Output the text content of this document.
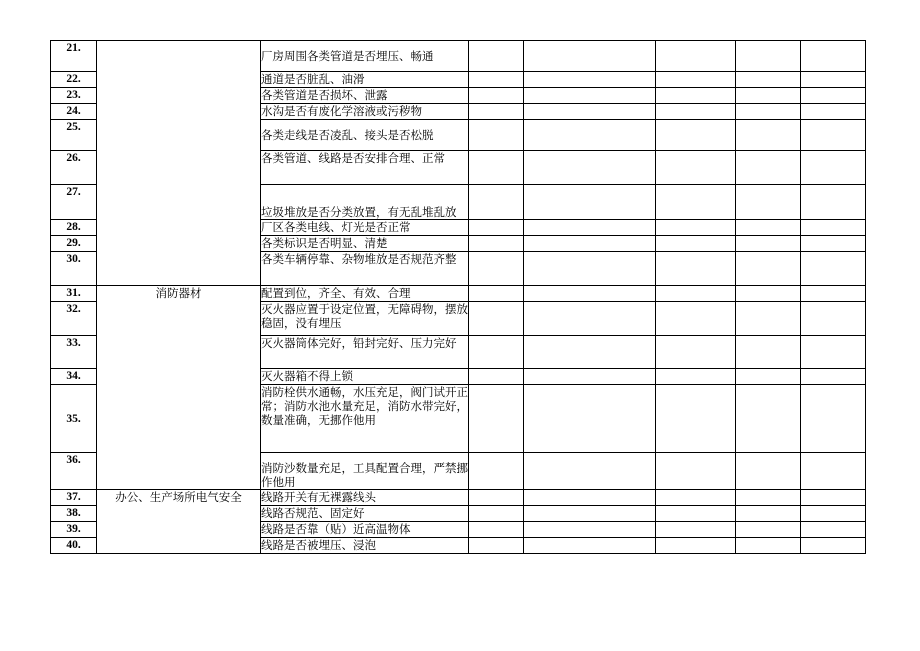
21.		厂房周围各类管道是否埋压、畅通					
22.		通道是否脏乱、油滑					
23.		各类管道是否损坏、泄露					
24.		水沟是否有废化学溶液或污秽物					
25.		各类走线是否凌乱、接头是否松脱					
26.		各类管道、线路是否安排合理、正常					
27.		垃圾堆放是否分类放置，有无乱堆乱放					
28.		厂区各类电线、灯光是否正常					
29.		各类标识是否明显、清楚					
30.		各类车辆停靠、杂物堆放是否规范齐整					
31.	消防器材	配置到位，齐全、有效、合理					
32.		灭火器应置于设定位置，无障碍物，摆放稳固，没有埋压					
33.		灭火器筒体完好，铅封完好、压力完好					
34.		灭火器箱不得上锁					
35.		消防栓供水通畅，水压充足，阀门试开正常；消防水池水量充足，消防水带完好，数量准确，无挪作他用					
36.		消防沙数量充足，工具配置合理，严禁挪作他用					
37.	办公、生产场所电气安全	线路开关有无裸露线头					
38.		线路否规范、固定好					
39.		线路是否靠（贴）近高温物体					
40.		线路是否被埋压、浸泡					
